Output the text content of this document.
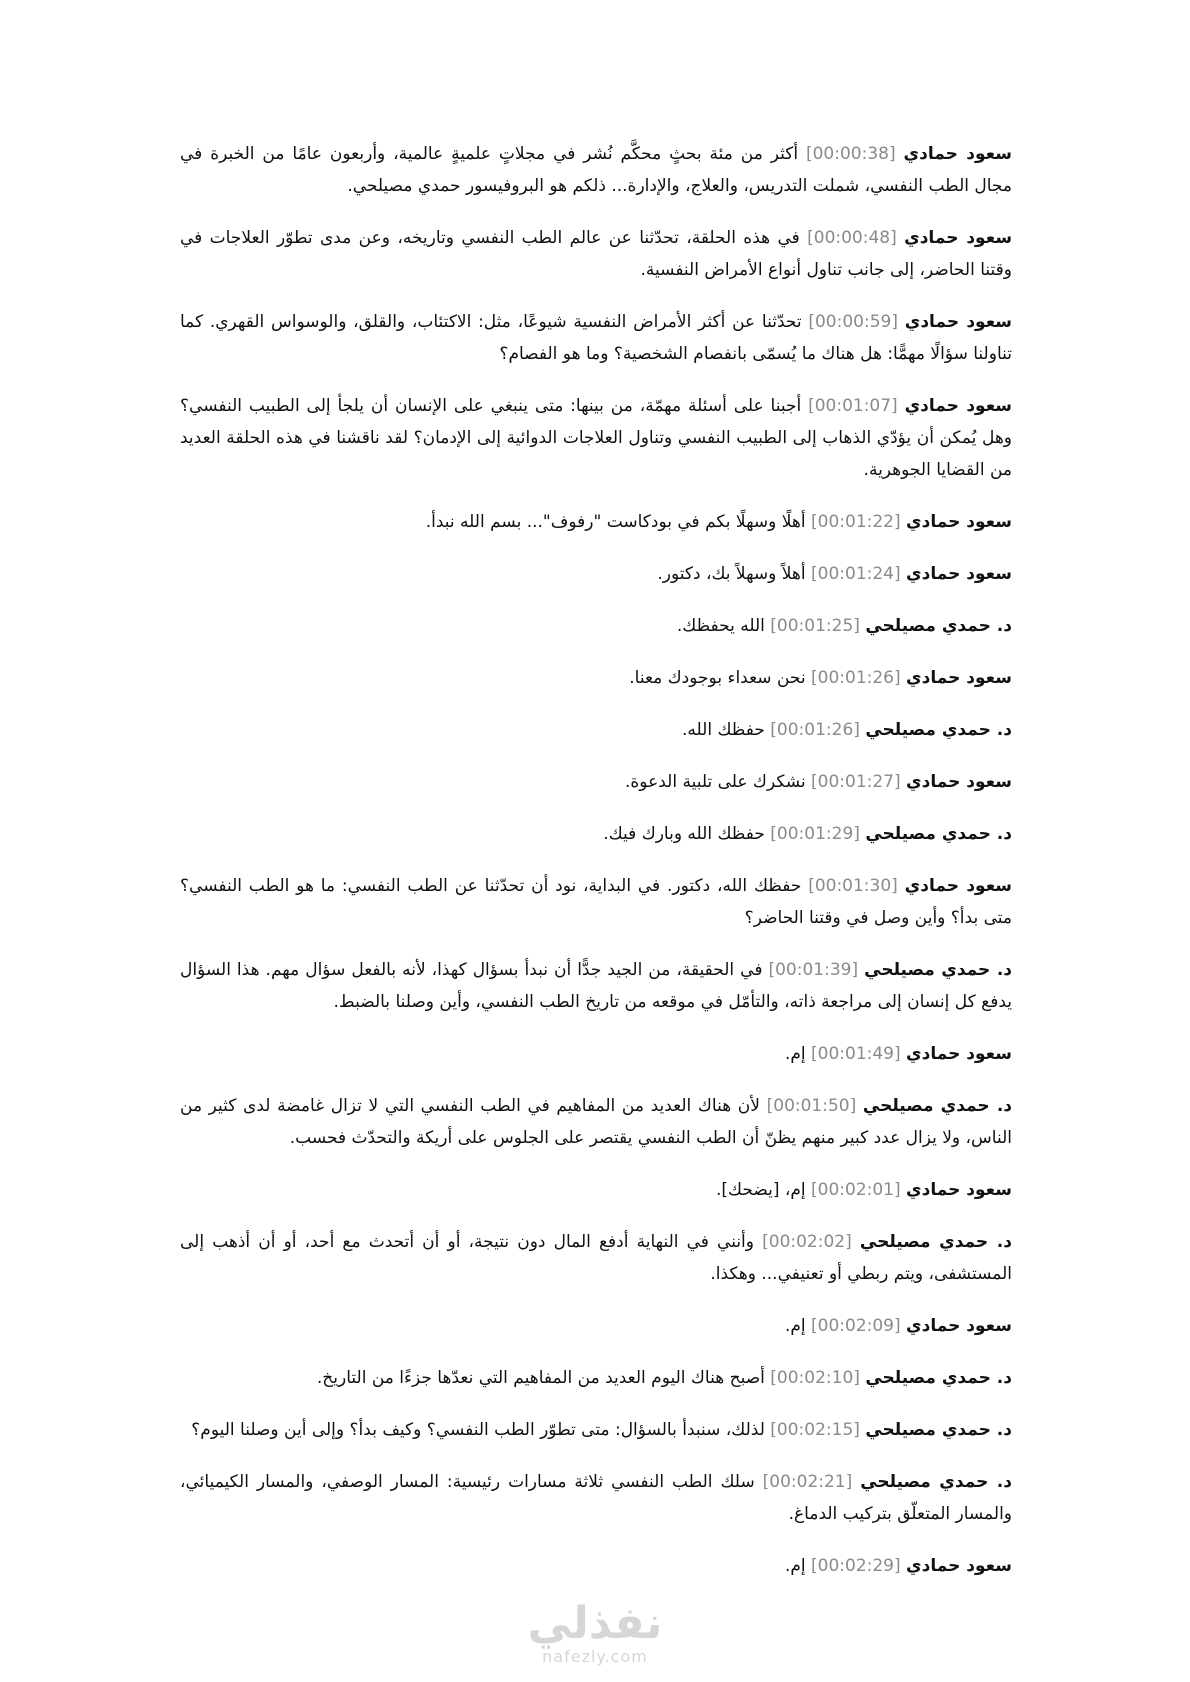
سعود حمادي [00:00:38] أكثر من مئة بحثٍ محكَّم نُشر في مجلاتٍ علميةٍ عالمية، وأربعون عامًا من الخبرة في مجال الطب النفسي، شملت التدريس، والعلاج، والإدارة... ذلكم هو البروفيسور حمدي مصيلحي.

سعود حمادي [00:00:48] في هذه الحلقة، تحدّثنا عن عالم الطب النفسي وتاريخه، وعن مدى تطوّر العلاجات في وقتنا الحاضر، إلى جانب تناول أنواع الأمراض النفسية.

سعود حمادي [00:00:59] تحدّثنا عن أكثر الأمراض النفسية شيوعًا، مثل: الاكتئاب، والقلق، والوسواس القهري. كما تناولنا سؤالًا مهمًّا: هل هناك ما يُسمّى بانفصام الشخصية؟ وما هو الفصام؟

سعود حمادي [00:01:07] أجبنا على أسئلة مهمّة، من بينها: متى ينبغي على الإنسان أن يلجأ إلى الطبيب النفسي؟ وهل يُمكن أن يؤدّي الذهاب إلى الطبيب النفسي وتناول العلاجات الدوائية إلى الإدمان؟ لقد ناقشنا في هذه الحلقة العديد من القضايا الجوهرية.

سعود حمادي [00:01:22] أهلًا وسهلًا بكم في بودكاست "رفوف"... بسم الله نبدأ.

سعود حمادي [00:01:24] أهلاً وسهلاً بك، دكتور.

د. حمدي مصيلحي [00:01:25] الله يحفظك.

سعود حمادي [00:01:26] نحن سعداء بوجودك معنا.

د. حمدي مصيلحي [00:01:26] حفظك الله.

سعود حمادي [00:01:27] نشكرك على تلبية الدعوة.

د. حمدي مصيلحي [00:01:29] حفظك الله وبارك فيك.

سعود حمادي [00:01:30] حفظك الله، دكتور. في البداية، نود أن تحدّثنا عن الطب النفسي: ما هو الطب النفسي؟ متى بدأ؟ وأين وصل في وقتنا الحاضر؟

د. حمدي مصيلحي [00:01:39] في الحقيقة، من الجيد جدًّا أن نبدأ بسؤال كهذا، لأنه بالفعل سؤال مهم. هذا السؤال يدفع كل إنسان إلى مراجعة ذاته، والتأمّل في موقعه من تاريخ الطب النفسي، وأين وصلنا بالضبط.

سعود حمادي [00:01:49] إم.

د. حمدي مصيلحي [00:01:50] لأن هناك العديد من المفاهيم في الطب النفسي التي لا تزال غامضة لدى كثير من الناس، ولا يزال عدد كبير منهم يظنّ أن الطب النفسي يقتصر على الجلوس على أريكة والتحدّث فحسب.

سعود حمادي [00:02:01] إم، [يضحك].

د. حمدي مصيلحي [00:02:02] وأنني في النهاية أدفع المال دون نتيجة، أو أن أتحدث مع أحد، أو أن أذهب إلى المستشفى، ويتم ربطي أو تعنيفي... وهكذا.

سعود حمادي [00:02:09] إم.

د. حمدي مصيلحي [00:02:10] أصبح هناك اليوم العديد من المفاهيم التي نعدّها جزءًا من التاريخ.

د. حمدي مصيلحي [00:02:15] لذلك، سنبدأ بالسؤال: متى تطوّر الطب النفسي؟ وكيف بدأ؟ وإلى أين وصلنا اليوم؟

د. حمدي مصيلحي [00:02:21] سلك الطب النفسي ثلاثة مسارات رئيسية: المسار الوصفي، والمسار الكيميائي، والمسار المتعلّق بتركيب الدماغ.

سعود حمادي [00:02:29] إم.

نفذلي
nafezly.com
